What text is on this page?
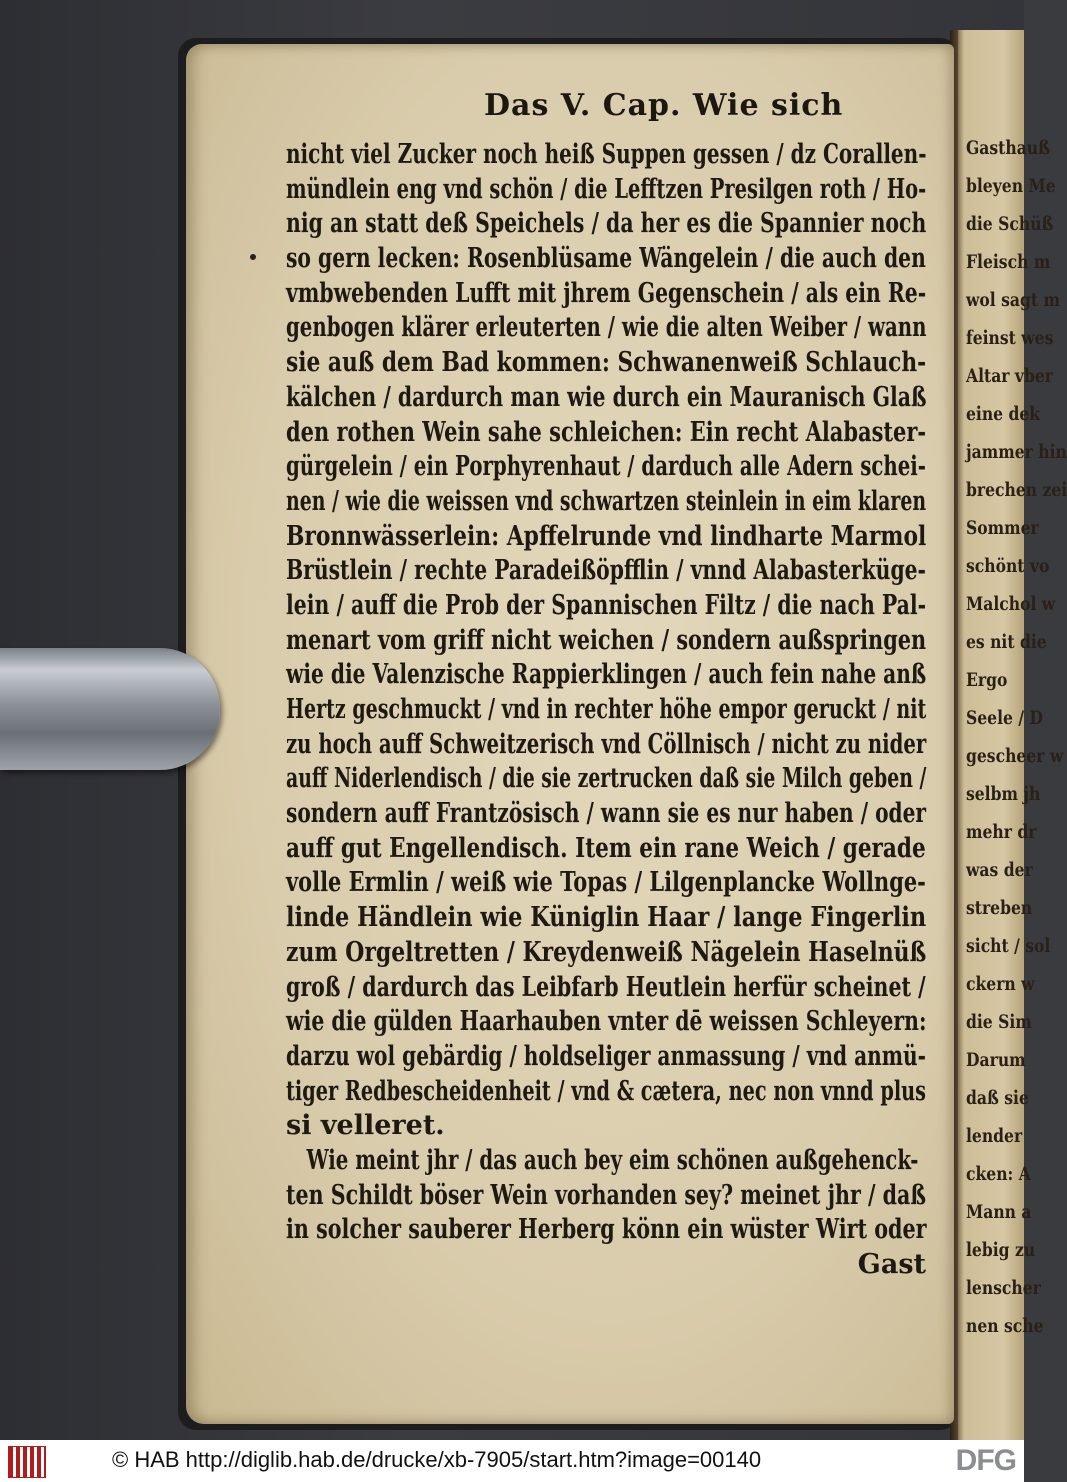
Gasthauß
bleyen Me
die Schüß
Fleisch m
wol sagt m
feinst wes
Altar vber
eine dek
jammer hin
brechen zei
Sommer
schönt vo
Malchol w
es nit die
Ergo
Seele / D
gescheer w
selbm jh
mehr dr
was der
streben
sicht / sol
ckern w
die Sim
Darum
daß sie
lender
cken: A
Mann a
lebig zu
lenscher
nen sche
Das V. Cap. Wie sich
nicht viel Zucker noch heiß Suppen gessen / dz Corallen-
mündlein eng vnd schön / die Lefftzen Presilgen roth / Ho-
nig an statt deß Speichels / da her es die Spannier noch
so gern lecken: Rosenblüsame Wängelein / die auch den
vmbwebenden Lufft mit jhrem Gegenschein / als ein Re-
genbogen klärer erleuterten / wie die alten Weiber / wann
sie auß dem Bad kommen: Schwanenweiß Schlauch-
kälchen / dardurch man wie durch ein Mauranisch Glaß
den rothen Wein sahe schleichen: Ein recht Alabaster-
gürgelein / ein Porphyrenhaut / darduch alle Adern schei-
nen / wie die weissen vnd schwartzen steinlein in eim klaren
Bronnwässerlein: Apffelrunde vnd lindharte Marmol
Brüstlein / rechte Paradeißöpfflin / vnnd Alabasterküge-
lein / auff die Prob der Spannischen Filtz / die nach Pal-
menart vom griff nicht weichen / sondern außspringen
wie die Valenzische Rappierklingen / auch fein nahe anß
Hertz geschmuckt / vnd in rechter höhe empor geruckt / nit
zu hoch auff Schweitzerisch vnd Cöllnisch / nicht zu nider
auff Niderlendisch / die sie zertrucken daß sie Milch geben /
sondern auff Frantzösisch / wann sie es nur haben / oder
auff gut Engellendisch. Item ein rane Weich / gerade
volle Ermlin / weiß wie Topas / Lilgenplancke Wollnge-
linde Händlein wie Küniglin Haar / lange Fingerlin
zum Orgeltretten / Kreydenweiß Nägelein Haselnüß
groß / dardurch das Leibfarb Heutlein herfür scheinet /
wie die gülden Haarhauben vnter dē weissen Schleyern:
darzu wol gebärdig / holdseliger anmassung / vnd anmü-
tiger Redbescheidenheit / vnd & cætera, nec non vnnd plus
si velleret.
Wie meint jhr / das auch bey eim schönen außgehenck-
ten Schildt böser Wein vorhanden sey? meinet jhr / daß
in solcher sauberer Herberg könn ein wüster Wirt oder
Gast
© HAB http://diglib.hab.de/drucke/xb-7905/start.htm?image=00140	DFG
